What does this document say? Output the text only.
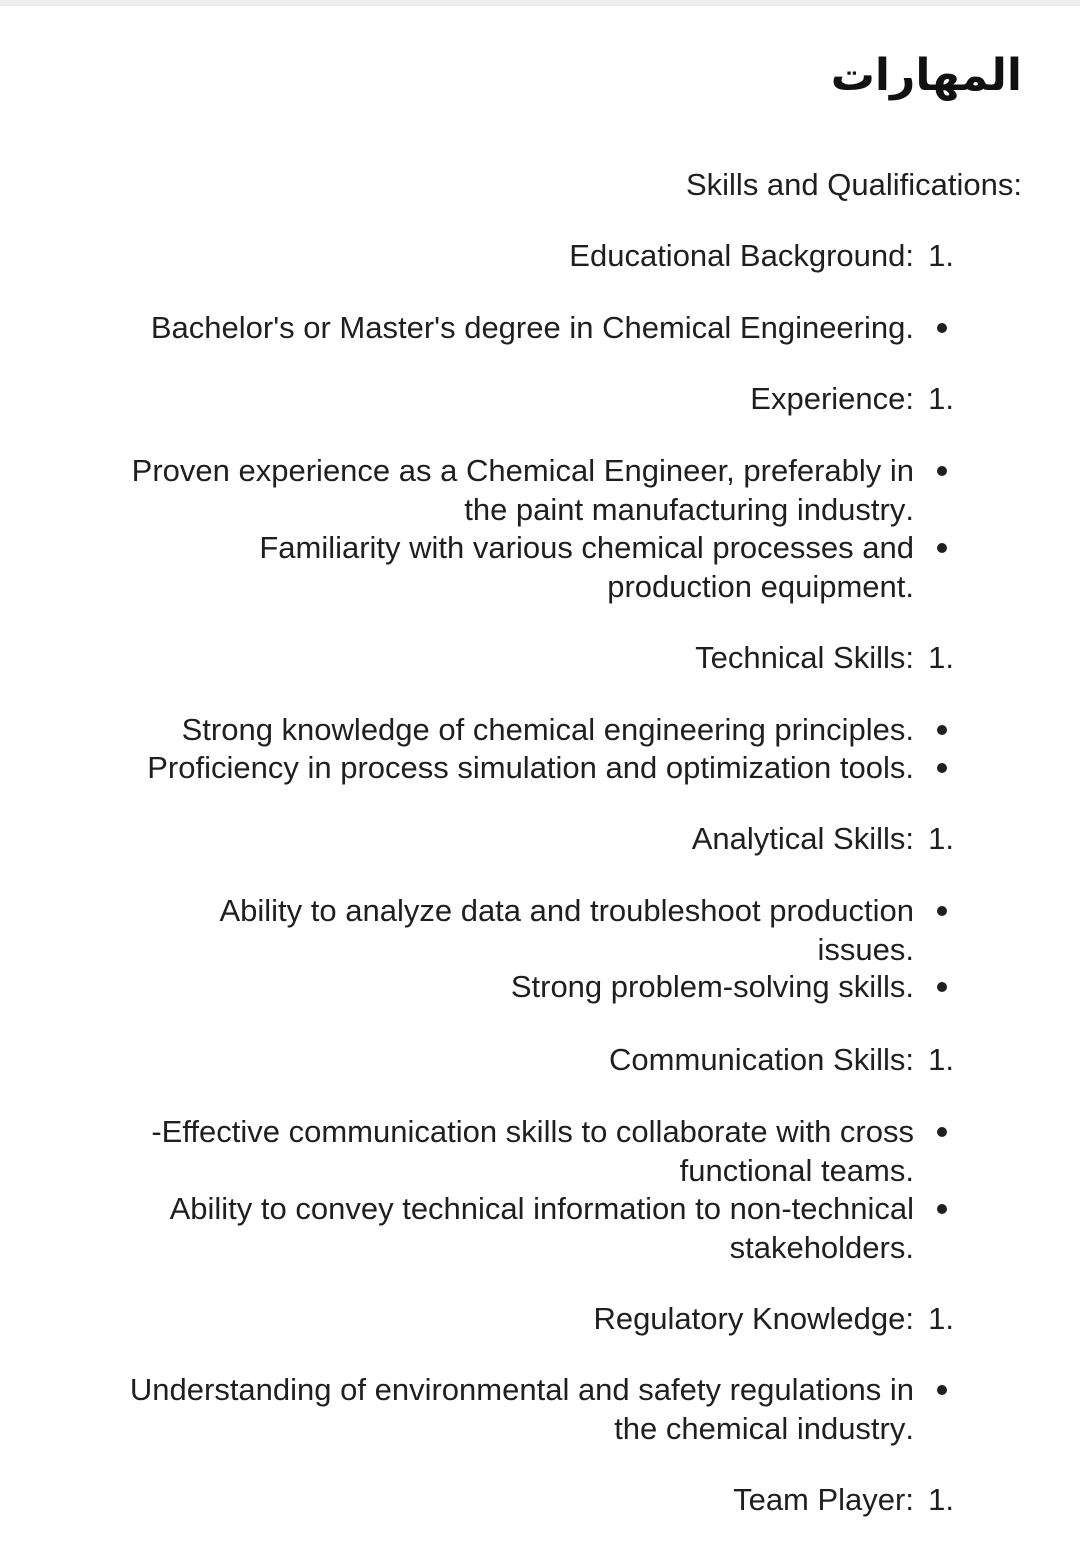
المهارات

:Skills and Qualifications

:Educational Background 1.

.Bachelor's or Master's degree in Chemical Engineering

:Experience 1.

Proven experience as a Chemical Engineer, preferably in
.the paint manufacturing industry
Familiarity with various chemical processes and
.production equipment

:Technical Skills 1.

.Strong knowledge of chemical engineering principles
.Proficiency in process simulation and optimization tools

:Analytical Skills 1.

Ability to analyze data and troubleshoot production
.issues
.Strong problem-solving skills

:Communication Skills 1.

Effective communication skills to collaborate with cross-
.functional teams
Ability to convey technical information to non-technical
.stakeholders

:Regulatory Knowledge 1.

Understanding of environmental and safety regulations in
.the chemical industry

:Team Player 1.
